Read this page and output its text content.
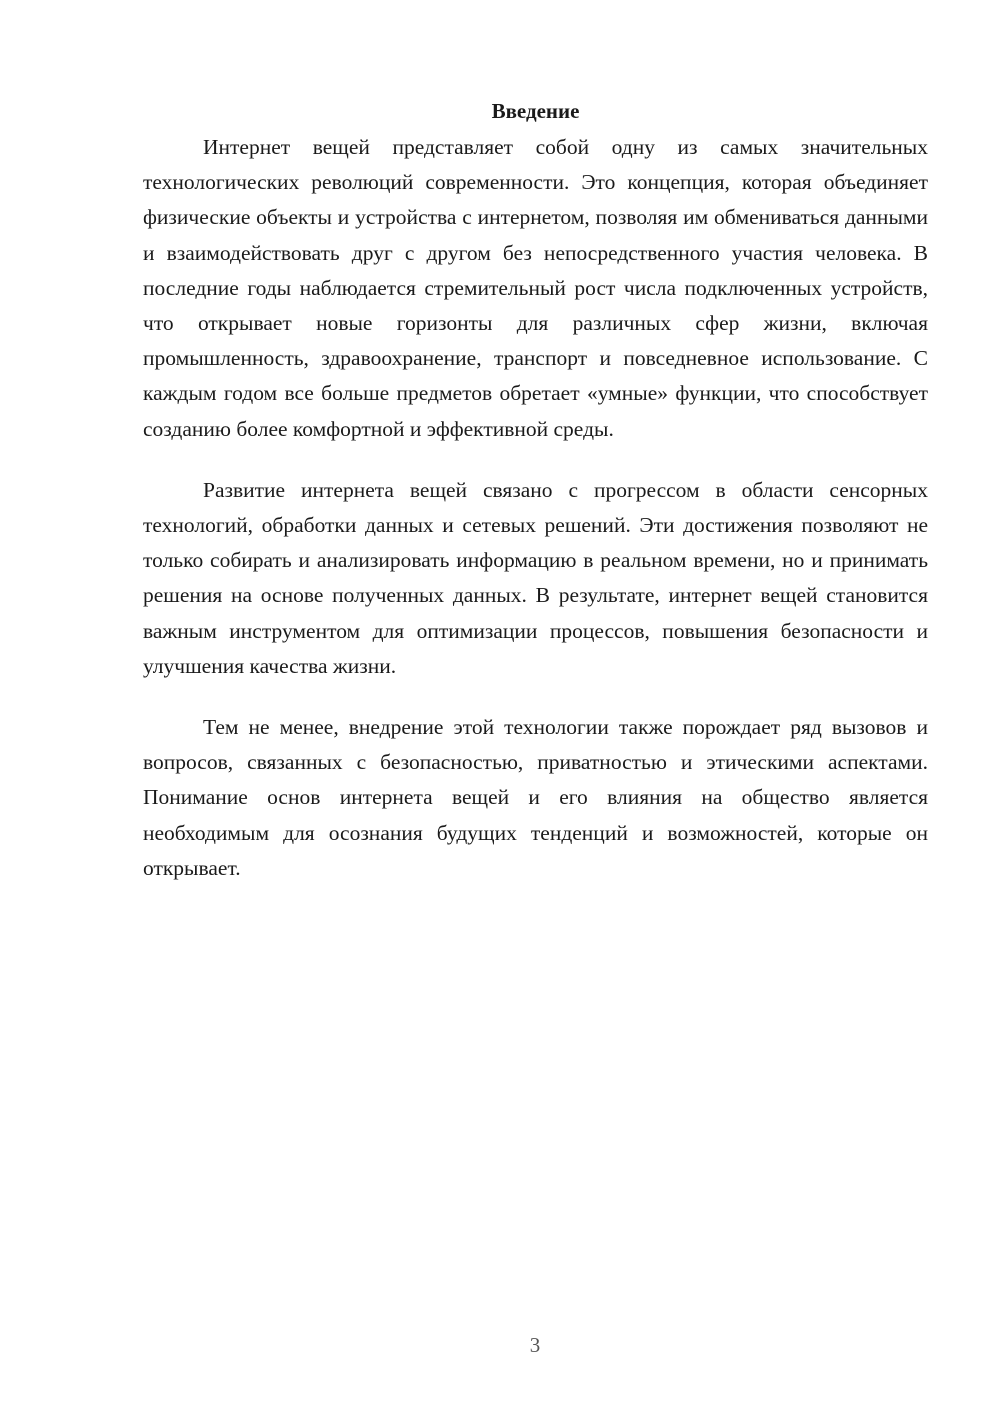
Введение

Интернет вещей представляет собой одну из самых значительных технологических революций современности. Это концепция, которая объединяет физические объекты и устройства с интернетом, позволяя им обмениваться данными и взаимодействовать друг с другом без непосредственного участия человека. В последние годы наблюдается стремительный рост числа подключенных устройств, что открывает новые горизонты для различных сфер жизни, включая промышленность, здравоохранение, транспорт и повседневное использование. С каждым годом все больше предметов обретает «умные» функции, что способствует созданию более комфортной и эффективной среды.

Развитие интернета вещей связано с прогрессом в области сенсорных технологий, обработки данных и сетевых решений. Эти достижения позволяют не только собирать и анализировать информацию в реальном времени, но и принимать решения на основе полученных данных. В результате, интернет вещей становится важным инструментом для оптимизации процессов, повышения безопасности и улучшения качества жизни.

Тем не менее, внедрение этой технологии также порождает ряд вызовов и вопросов, связанных с безопасностью, приватностью и этическими аспектами. Понимание основ интернета вещей и его влияния на общество является необходимым для осознания будущих тенденций и возможностей, которые он открывает.

3
